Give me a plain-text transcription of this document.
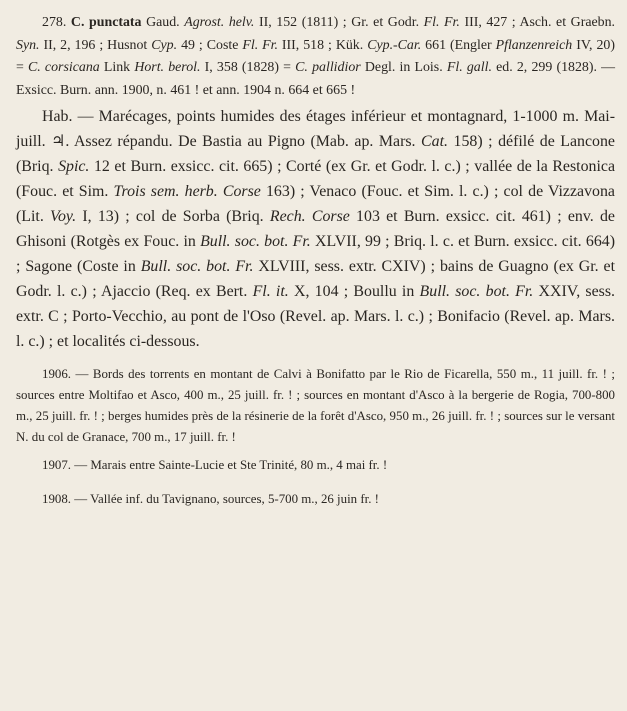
278. C. punctata Gaud. Agrost. helv. II, 152 (1811) ; Gr. et Godr. Fl. Fr. III, 427 ; Asch. et Graebn. Syn. II, 2, 196 ; Husnot Cyp. 49 ; Coste Fl. Fr. III, 518 ; Kük. Cyp.-Car. 661 (Engler Pflanzenreich IV, 20) = C. corsicana Link Hort. berol. I, 358 (1828) = C. pallidior Degl. in Lois. Fl. gall. ed. 2, 299 (1828). — Exsicc. Burn. ann. 1900, n. 461 ! et ann. 1904 n. 664 et 665 !

Hab. — Marécages, points humides des étages inférieur et montagnard, 1-1000 m. Mai-juill. ♃. Assez répandu. De Bastia au Pigno (Mab. ap. Mars. Cat. 158) ; défilé de Lancone (Briq. Spic. 12 et Burn. exsicc. cit. 665) ; Corté (ex Gr. et Godr. l. c.) ; vallée de la Restonica (Fouc. et Sim. Trois sem. herb. Corse 163) ; Venaco (Fouc. et Sim. l. c.) ; col de Vizzavona (Lit. Voy. I, 13) ; col de Sorba (Briq. Rech. Corse 103 et Burn. exsicc. cit. 461) ; env. de Ghisoni (Rotgès ex Fouc. in Bull. soc. bot. Fr. XLVII, 99 ; Briq. l. c. et Burn. exsicc. cit. 664) ; Sagone (Coste in Bull. soc. bot. Fr. XLVIII, sess. extr. CXIV) ; bains de Guagno (ex Gr. et Godr. l. c.) ; Ajaccio (Req. ex Bert. Fl. it. X, 104 ; Boullu in Bull. soc. bot. Fr. XXIV, sess. extr. C ; Porto-Vecchio, au pont de l'Oso (Revel. ap. Mars. l. c.) ; Bonifacio (Revel. ap. Mars. l. c.) ; et localités ci-dessous.

1906. — Bords des torrents en montant de Calvi à Bonifatto par le Rio de Ficarella, 550 m., 11 juill. fr. ! ; sources entre Moltifao et Asco, 400 m., 25 juill. fr. ! ; sources en montant d'Asco à la bergerie de Rogia, 700-800 m., 25 juill. fr. ! ; berges humides près de la résinerie de la forêt d'Asco, 950 m., 26 juill. fr. ! ; sources sur le versant N. du col de Granace, 700 m., 17 juill. fr. !

1907. — Marais entre Sainte-Lucie et Ste Trinité, 80 m., 4 mai fr. !

1908. — Vallée inf. du Tavignano, sources, 5-700 m., 26 juin fr. !
